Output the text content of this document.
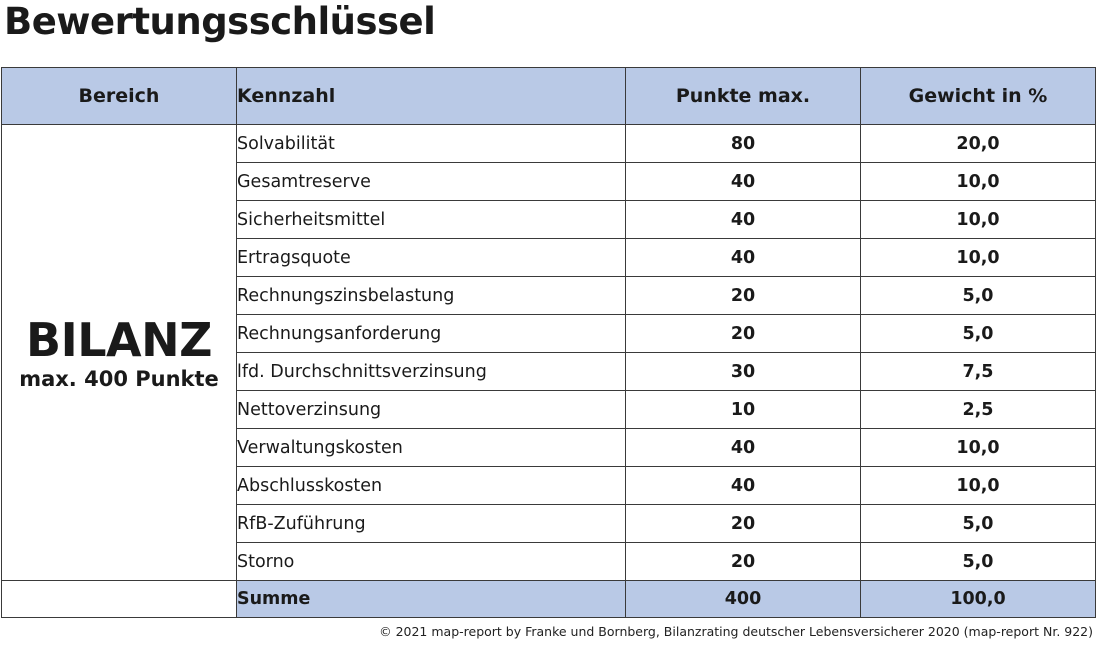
Bewertungsschlüssel
Bereich	Kennzahl	Punkte max.	Gewicht in %

BILANZ
max. 400 Punkte	Solvabilität	80	20,0
	Gesamtreserve	40	10,0
	Sicherheitsmittel	40	10,0
	Ertragsquote	40	10,0
	Rechnungszinsbelastung	20	5,0
	Rechnungsanforderung	20	5,0
	lfd. Durchschnittsverzinsung	30	7,5
	Nettoverzinsung	10	2,5
	Verwaltungskosten	40	10,0
	Abschlusskosten	40	10,0
	RfB-Zuführung	20	5,0
	Storno	20	5,0
	Summe	400	100,0
© 2021 map-report by Franke und Bornberg, Bilanzrating deutscher Lebensversicherer 2020 (map-report Nr. 922)
